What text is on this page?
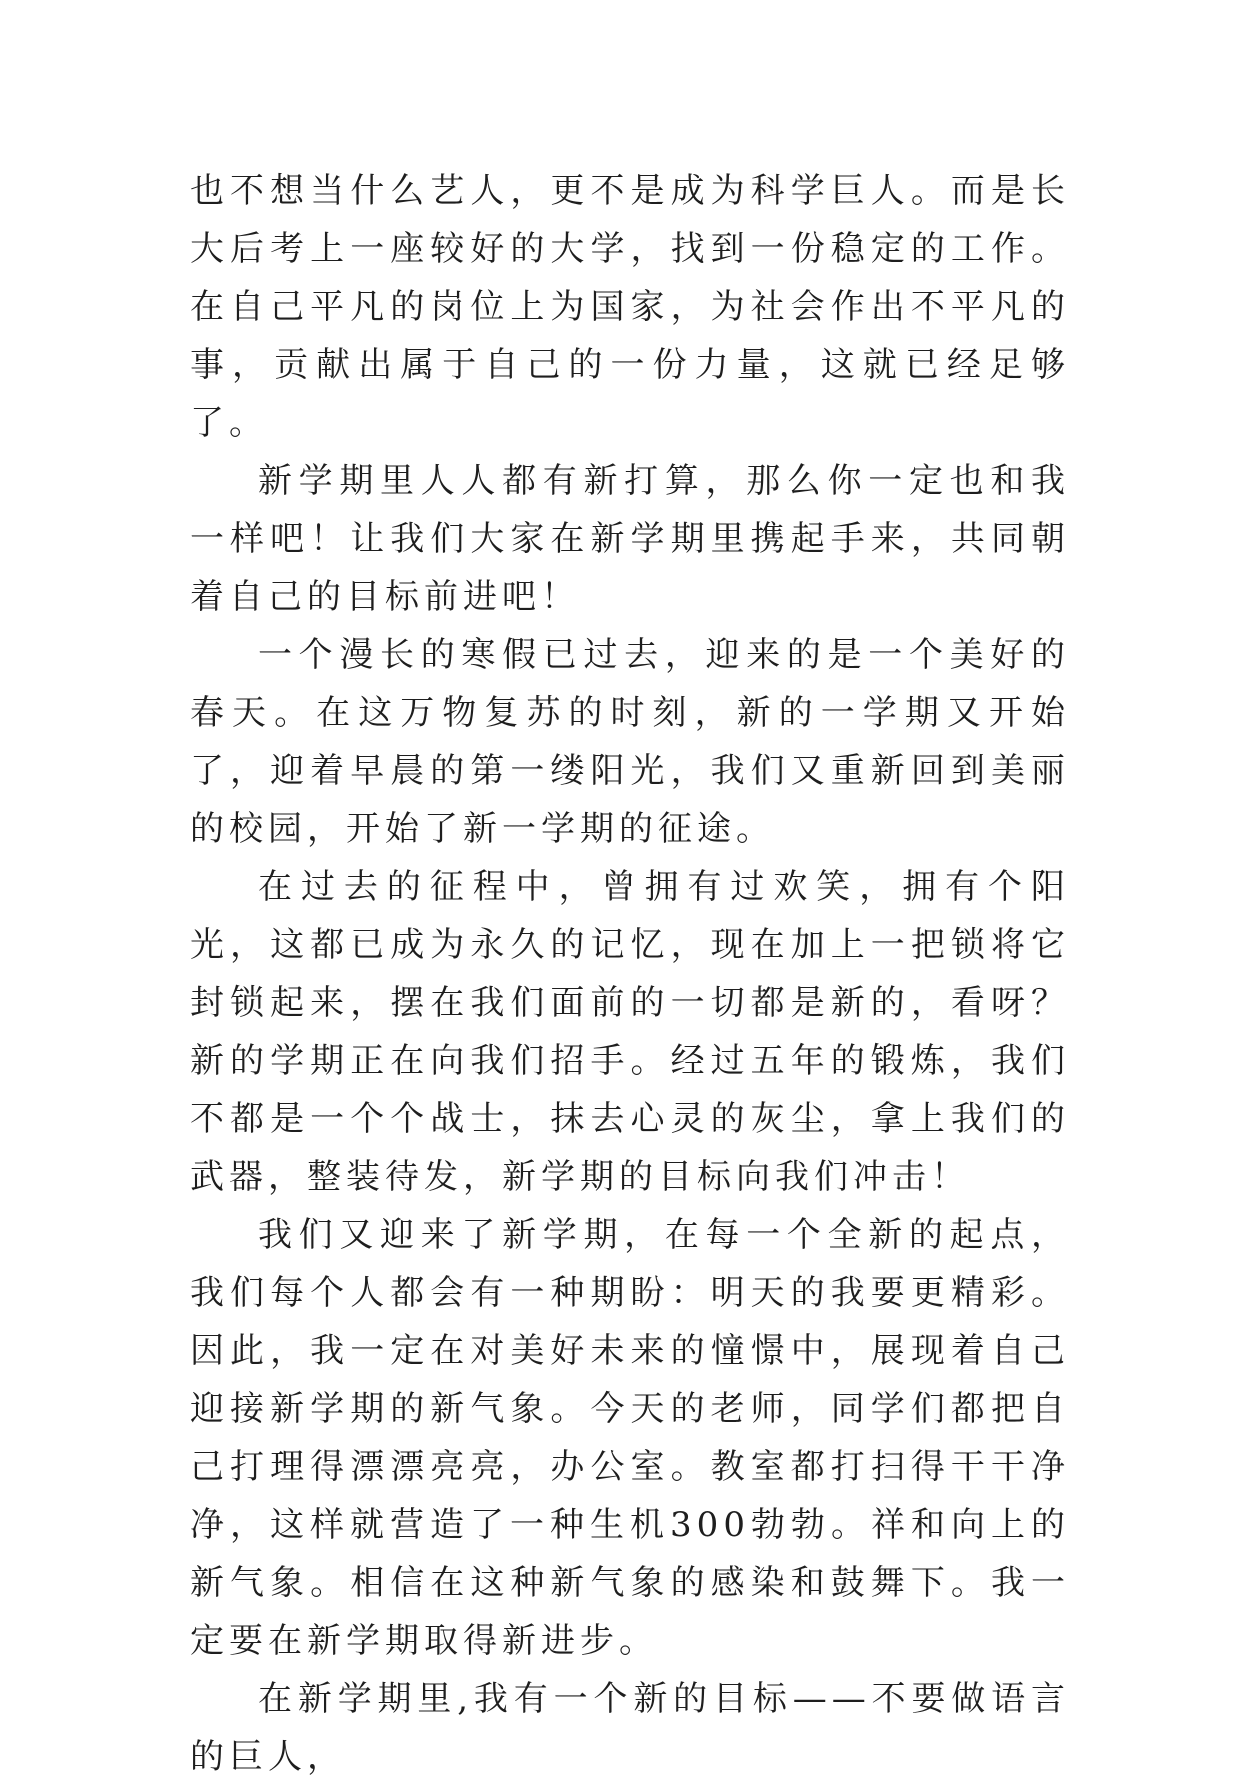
也不想当什么艺人，更不是成为科学巨人。而是长大后考上一座较好的大学，找到一份稳定的工作。在自己平凡的岗位上为国家，为社会作出不平凡的事，贡献出属于自己的一份力量，这就已经足够了。

新学期里人人都有新打算，那么你一定也和我一样吧！让我们大家在新学期里携起手来，共同朝着自己的目标前进吧！

一个漫长的寒假已过去，迎来的是一个美好的春天。在这万物复苏的时刻，新的一学期又开始了，迎着早晨的第一缕阳光，我们又重新回到美丽的校园，开始了新一学期的征途。

在过去的征程中，曾拥有过欢笑，拥有个阳光，这都已成为永久的记忆，现在加上一把锁将它封锁起来，摆在我们面前的一切都是新的，看呀？新的学期正在向我们招手。经过五年的锻炼，我们不都是一个个战士，抹去心灵的灰尘，拿上我们的武器，整装待发，新学期的目标向我们冲击！

我们又迎来了新学期，在每一个全新的起点，我们每个人都会有一种期盼：明天的我要更精彩。因此，我一定在对美好未来的憧憬中，展现着自己迎接新学期的新气象。今天的老师，同学们都把自己打理得漂漂亮亮，办公室。教室都打扫得干干净净，这样就营造了一种生机300勃勃。祥和向上的新气象。相信在这种新气象的感染和鼓舞下。我一定要在新学期取得新进步。

在新学期里,我有一个新的目标——不要做语言的巨人，
